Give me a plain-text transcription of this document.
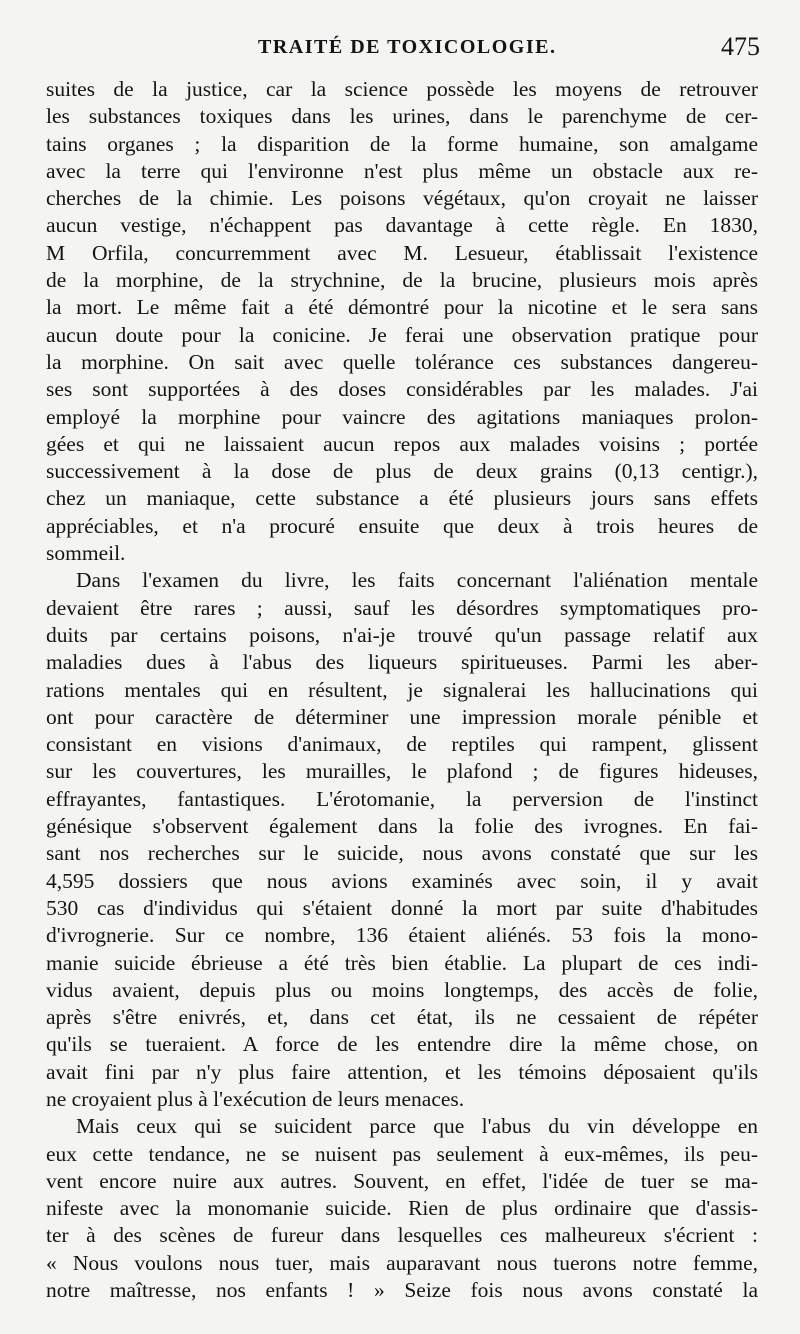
TRAITÉ DE TOXICOLOGIE.	475
suites de la justice, car la science possède les moyens de retrouver
les substances toxiques dans les urines, dans le parenchyme de cer-
tains organes ; la disparition de la forme humaine, son amalgame
avec la terre qui l'environne n'est plus même un obstacle aux re-
cherches de la chimie. Les poisons végétaux, qu'on croyait ne laisser
aucun vestige, n'échappent pas davantage à cette règle. En 1830,
M Orfila, concurremment avec M. Lesueur, établissait l'existence
de la morphine, de la strychnine, de la brucine, plusieurs mois après
la mort. Le même fait a été démontré pour la nicotine et le sera sans
aucun doute pour la conicine. Je ferai une observation pratique pour
la morphine. On sait avec quelle tolérance ces substances dangereu-
ses sont supportées à des doses considérables par les malades. J'ai
employé la morphine pour vaincre des agitations maniaques prolon-
gées et qui ne laissaient aucun repos aux malades voisins ; portée
successivement à la dose de plus de deux grains (0,13 centigr.),
chez un maniaque, cette substance a été plusieurs jours sans effets
appréciables, et n'a procuré ensuite que deux à trois heures de
sommeil.
Dans l'examen du livre, les faits concernant l'aliénation mentale
devaient être rares ; aussi, sauf les désordres symptomatiques pro-
duits par certains poisons, n'ai-je trouvé qu'un passage relatif aux
maladies dues à l'abus des liqueurs spiritueuses. Parmi les aber-
rations mentales qui en résultent, je signalerai les hallucinations qui
ont pour caractère de déterminer une impression morale pénible et
consistant en visions d'animaux, de reptiles qui rampent, glissent
sur les couvertures, les murailles, le plafond ; de figures hideuses,
effrayantes, fantastiques. L'érotomanie, la perversion de l'instinct
génésique s'observent également dans la folie des ivrognes. En fai-
sant nos recherches sur le suicide, nous avons constaté que sur les
4,595 dossiers que nous avions examinés avec soin, il y avait
530 cas d'individus qui s'étaient donné la mort par suite d'habitudes
d'ivrognerie. Sur ce nombre, 136 étaient aliénés. 53 fois la mono-
manie suicide ébrieuse a été très bien établie. La plupart de ces indi-
vidus avaient, depuis plus ou moins longtemps, des accès de folie,
après s'être enivrés, et, dans cet état, ils ne cessaient de répéter
qu'ils se tueraient. A force de les entendre dire la même chose, on
avait fini par n'y plus faire attention, et les témoins déposaient qu'ils
ne croyaient plus à l'exécution de leurs menaces.
Mais ceux qui se suicident parce que l'abus du vin développe en
eux cette tendance, ne se nuisent pas seulement à eux-mêmes, ils peu-
vent encore nuire aux autres. Souvent, en effet, l'idée de tuer se ma-
nifeste avec la monomanie suicide. Rien de plus ordinaire que d'assis-
ter à des scènes de fureur dans lesquelles ces malheureux s'écrient :
« Nous voulons nous tuer, mais auparavant nous tuerons notre femme,
notre maîtresse, nos enfants ! » Seize fois nous avons constaté la
